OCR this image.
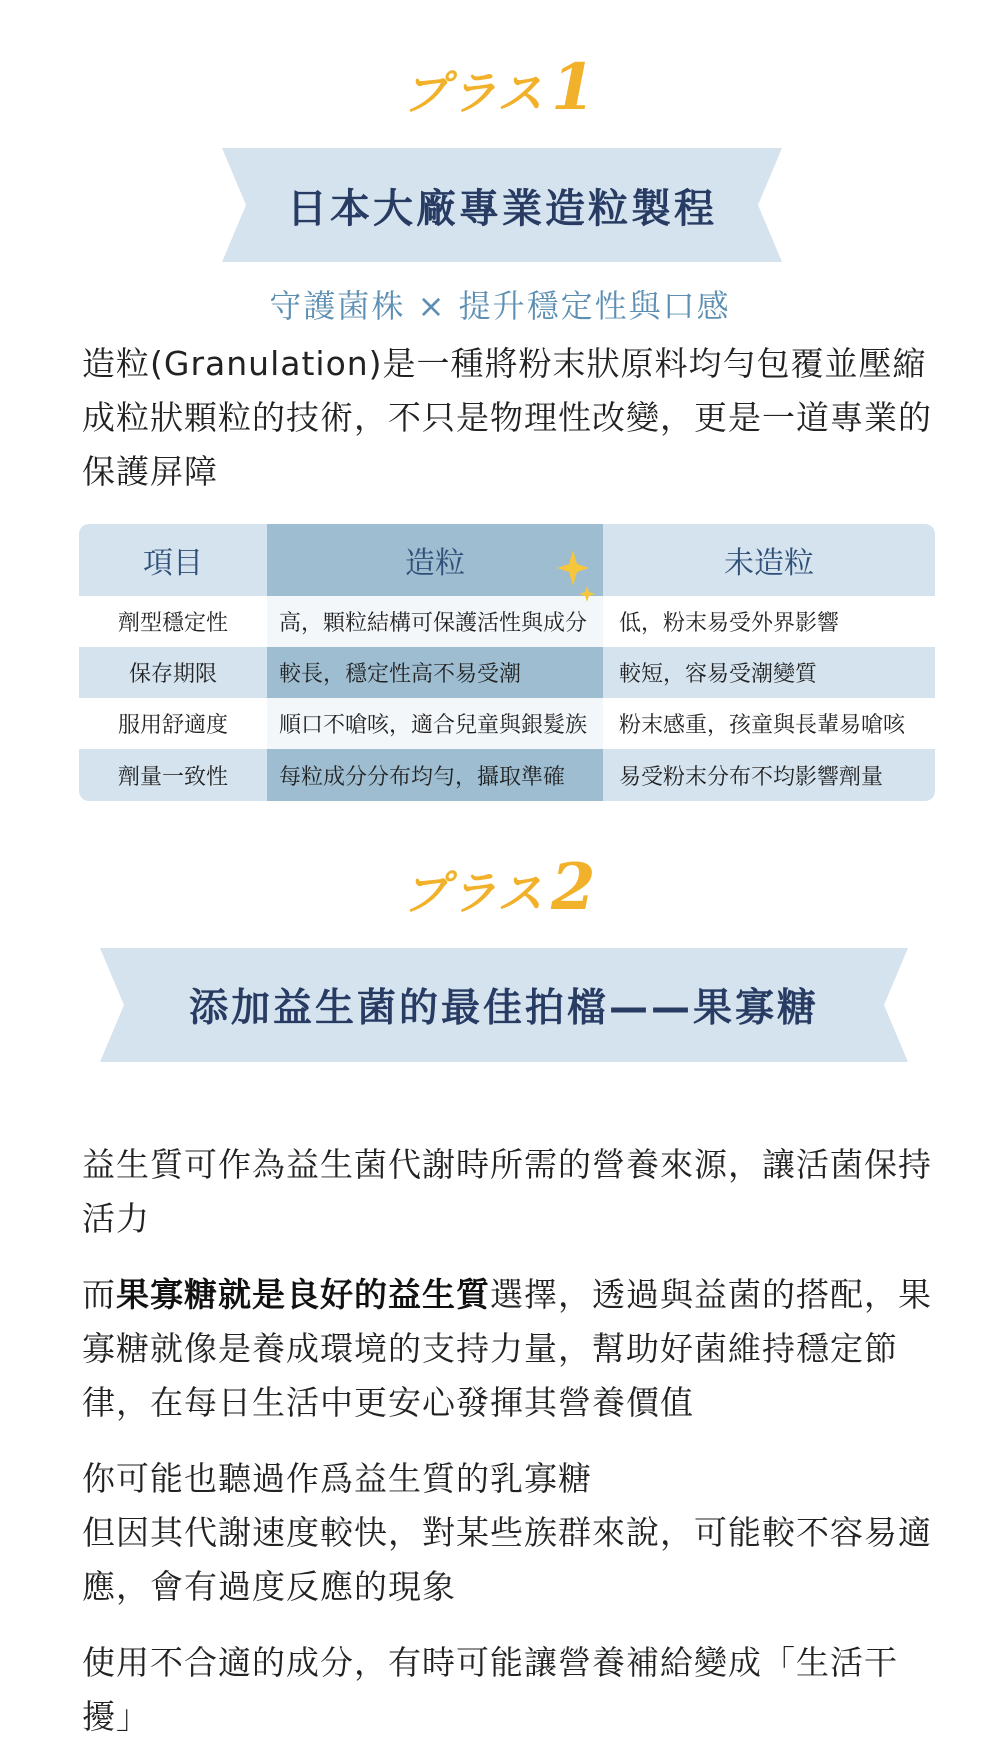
プラス1
日本大廠專業造粒製程
守護菌株 × 提升穩定性與口感
造粒(Granulation)是一種將粉末狀原料均勻包覆並壓縮成粒狀顆粒的技術，不只是物理性改變，更是一道專業的保護屏障
項目	造粒	未造粒
劑型穩定性	高，顆粒結構可保護活性與成分	低，粉末易受外界影響
保存期限	較長，穩定性高不易受潮	較短，容易受潮變質
服用舒適度	順口不嗆咳，適合兒童與銀髮族	粉末感重，孩童與長輩易嗆咳
劑量一致性	每粒成分分布均勻，攝取準確	易受粉末分布不均影響劑量
プラス2
添加益生菌的最佳拍檔——果寡糖
益生質可作為益生菌代謝時所需的營養來源，讓活菌保持活力
而果寡糖就是良好的益生質選擇，透過與益菌的搭配，果寡糖就像是養成環境的支持力量，幫助好菌維持穩定節律，在每日生活中更安心發揮其營養價值
你可能也聽過作爲益生質的乳寡糖
但因其代謝速度較快，對某些族群來說，可能較不容易適應，會有過度反應的現象
使用不合適的成分，有時可能讓營養補給變成「生活干擾」
